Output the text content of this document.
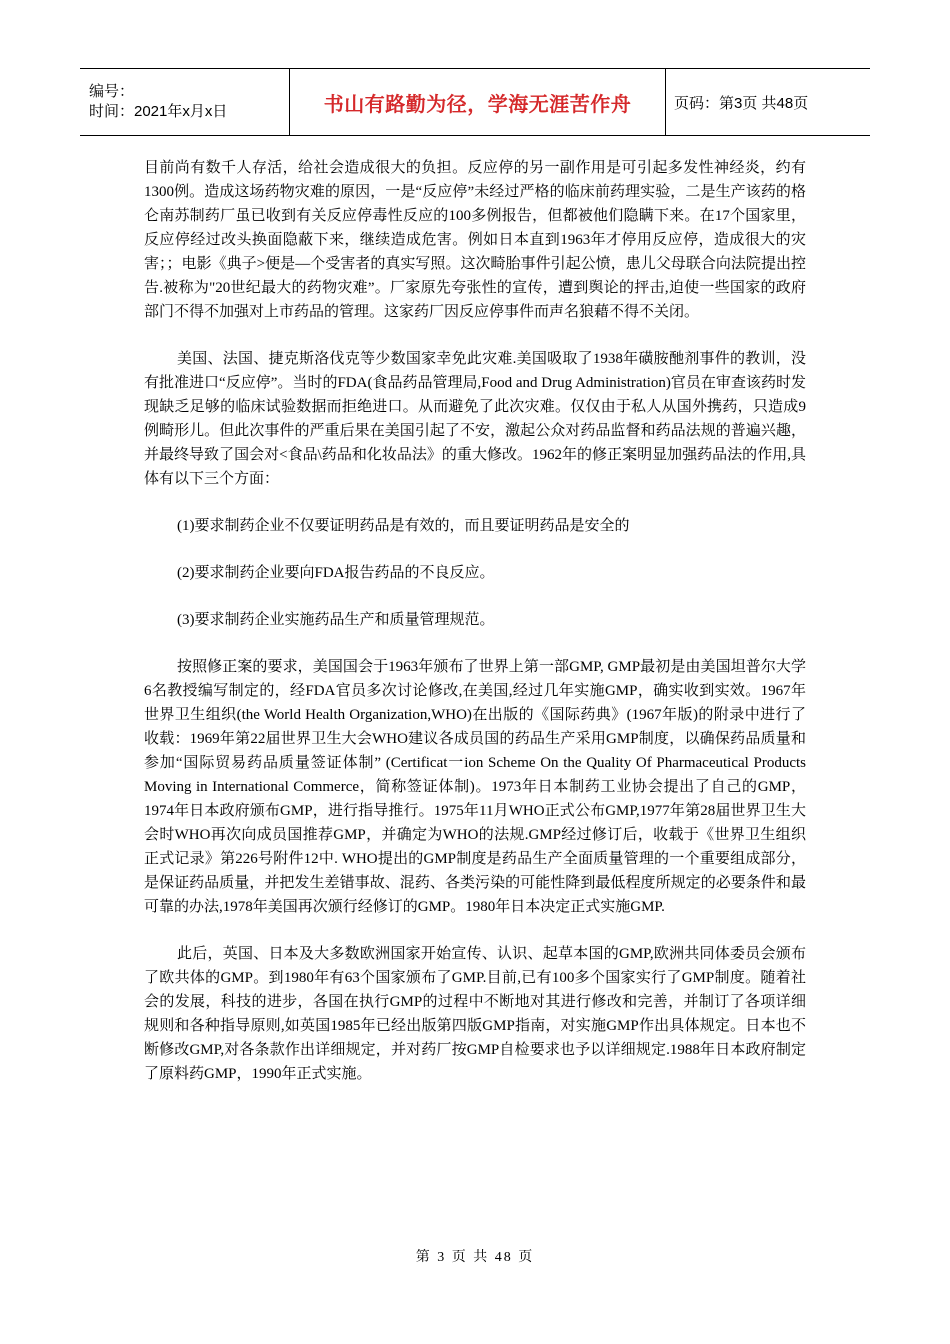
编号：
时间：2021年x月x日	书山有路勤为径，学海无涯苦作舟	页码：第3页 共48页

目前尚有数千人存活，给社会造成很大的负担。反应停的另一副作用是可引起多发性神经炎，约有1300例。造成这场药物灾难的原因，一是“反应停”未经过严格的临床前药理实验，二是生产该药的格仑南苏制药厂虽已收到有关反应停毒性反应的100多例报告，但都被他们隐瞒下来。在17个国家里，反应停经过改头换面隐蔽下来，继续造成危害。例如日本直到1963年才停用反应停，造成很大的灾害；；电影《典子>便是—个受害者的真实写照。这次畸胎事件引起公愤，患儿父母联合向法院提出控告.被称为"20世纪最大的药物灾难”。厂家原先夸张性的宣传，遭到舆论的抨击,迫使一些国家的政府部门不得不加强对上市药品的管理。这家药厂因反应停事件而声名狼藉不得不关闭。

美国、法国、捷克斯洛伐克等少数国家幸免此灾难.美国吸取了1938年磺胺酏剂事件的教训，没有批准进口“反应停”。当时的FDA(食品药品管理局,Food and Drug Administration)官员在审查该药时发现缺乏足够的临床试验数据而拒绝进口。从而避免了此次灾难。仅仅由于私人从国外携药，只造成9例畸形儿。但此次事件的严重后果在美国引起了不安，激起公众对药品监督和药品法规的普遍兴趣，并最终导致了国会对<食品\药品和化妆品法》的重大修改。1962年的修正案明显加强药品法的作用,具体有以下三个方面：

(1)要求制药企业不仅要证明药品是有效的，而且要证明药品是安全的

(2)要求制药企业要向FDA报告药品的不良反应。

(3)要求制药企业实施药品生产和质量管理规范。

按照修正案的要求，美国国会于1963年颁布了世界上第一部GMP, GMP最初是由美国坦普尔大学6名教授编写制定的，经FDA官员多次讨论修改,在美国,经过几年实施GMP，确实收到实效。1967年世界卫生组织(the World Health Organization,WHO)在出版的《国际药典》(1967年版)的附录中进行了收载：1969年第22届世界卫生大会WHO建议各成员国的药品生产采用GMP制度，以确保药品质量和参加“国际贸易药品质量签证体制” (Certificat一ion Scheme On the Quality Of Pharmaceutical Products Moving in International Commerce，简称签证体制)。1973年日本制药工业协会提出了自己的GMP，1974年日本政府颁布GMP，进行指导推行。1975年11月WHO正式公布GMP,1977年第28届世界卫生大会时WHO再次向成员国推荐GMP，并确定为WHO的法规.GMP经过修订后，收载于《世界卫生组织正式记录》第226号附件12中. WHO提出的GMP制度是药品生产全面质量管理的一个重要组成部分，是保证药品质量，并把发生差错事故、混药、各类污染的可能性降到最低程度所规定的必要条件和最可靠的办法,1978年美国再次颁行经修订的GMP。1980年日本决定正式实施GMP.

此后，英国、日本及大多数欧洲国家开始宣传、认识、起草本国的GMP,欧洲共同体委员会颁布了欧共体的GMP。到1980年有63个国家颁布了GMP.目前,已有100多个国家实行了GMP制度。随着社会的发展，科技的进步，各国在执行GMP的过程中不断地对其进行修改和完善，并制订了各项详细规则和各种指导原则,如英国1985年已经出版第四版GMP指南，对实施GMP作出具体规定。日本也不断修改GMP,对各条款作出详细规定，并对药厂按GMP自检要求也予以详细规定.1988年日本政府制定了原料药GMP，1990年正式实施。

第 3 页 共 48 页
